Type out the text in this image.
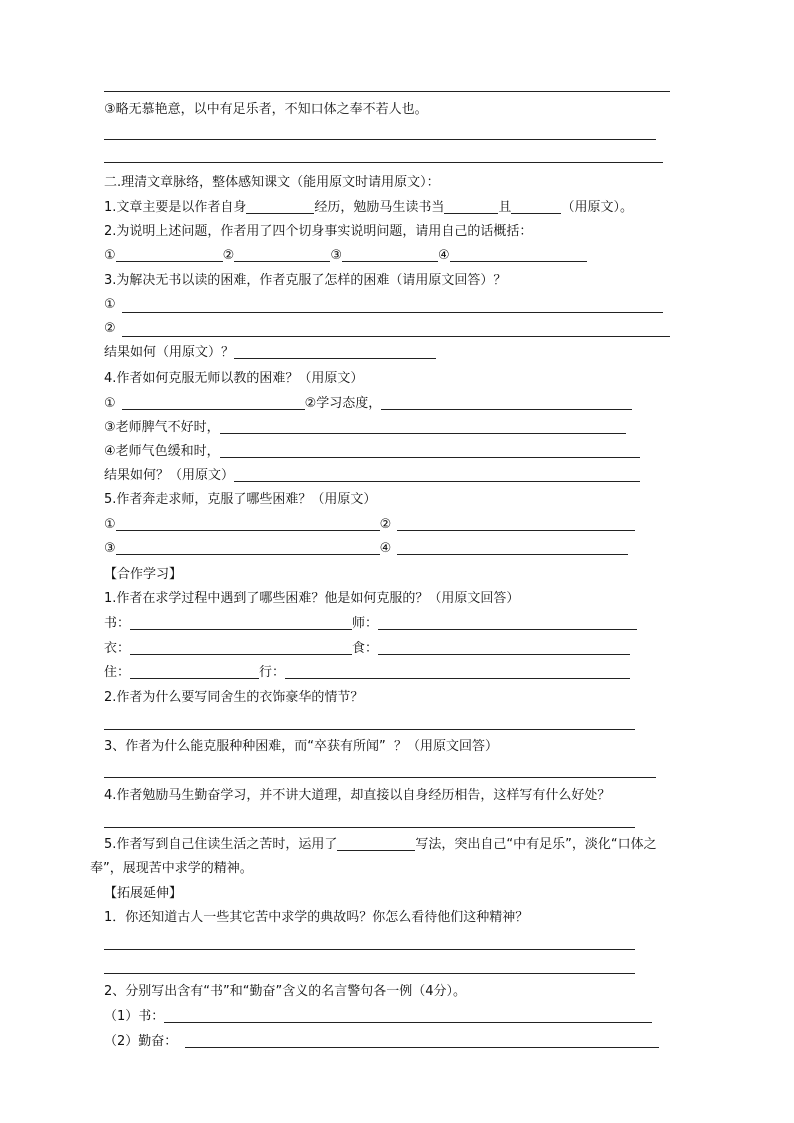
③略无慕艳意，以中有足乐者，不知口体之奉不若人也。
二.理清文章脉络，整体感知课文（能用原文时请用原文）：
1.文章主要是以作者自身	经历，勉励马生读书当	且	（用原文）。
2.为说明上述问题，作者用了四个切身事实说明问题，请用自己的话概括：
①	②	③	④
3.为解决无书以读的困难，作者克服了怎样的困难（请用原文回答）？
①
②
结果如何（用原文）？
4.作者如何克服无师以教的困难？（用原文）
①	②学习态度，
③老师脾气不好时，
④老师气色缓和时，
结果如何？（用原文）
5.作者奔走求师，克服了哪些困难？（用原文）
①	②
③	④
【合作学习】
1.作者在求学过程中遇到了哪些困难？他是如何克服的？（用原文回答）
书：	师：
衣：	食：
住：	行：
2.作者为什么要写同舍生的衣饰豪华的情节？
3、作者为什么能克服种种困难，而“卒获有所闻”  ？（用原文回答）
4.作者勉励马生勤奋学习，并不讲大道理，却直接以自身经历相告，这样写有什么好处？
5.作者写到自己住读生活之苦时，运用了	写法，突出自己“中有足乐”，淡化“口体之
奉”，展现苦中求学的精神。
【拓展延伸】
1．你还知道古人一些其它苦中求学的典故吗？你怎么看待他们这种精神？
2、分别写出含有“书”和“勤奋”含义的名言警句各一例（4分）。
（1）书：
（2）勤奋：
